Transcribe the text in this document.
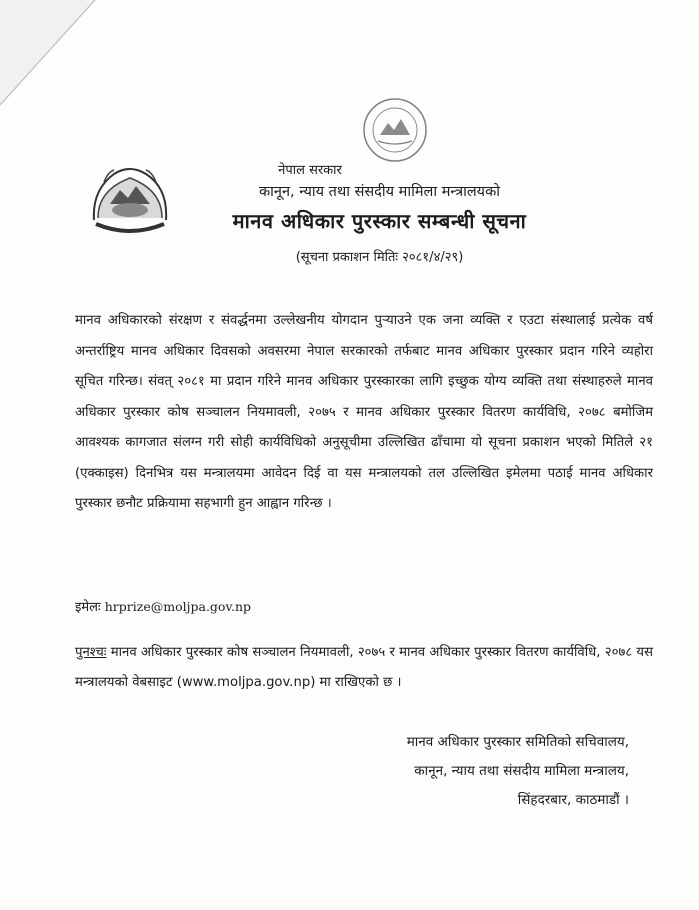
नेपाल सरकार
कानून, न्याय तथा संसदीय मामिला मन्त्रालयको
मानव अधिकार पुरस्कार सम्बन्धी सूचना
(सूचना प्रकाशन मितिः २०८१/४/२९)
मानव अधिकारको संरक्षण र संवर्द्धनमा उल्लेखनीय योगदान पुर्‍याउने एक जना व्यक्ति र एउटा संस्थालाई प्रत्येक वर्ष अन्तर्राष्ट्रिय मानव अधिकार दिवसको अवसरमा नेपाल सरकारको तर्फबाट मानव अधिकार पुरस्कार प्रदान गरिने व्यहोरा सूचित गरिन्छ। संवत् २०८१ मा प्रदान गरिने मानव अधिकार पुरस्कारका लागि इच्छुक योग्य व्यक्ति तथा संस्थाहरुले मानव अधिकार पुरस्कार कोष सञ्चालन नियमावली, २०७५ र मानव अधिकार पुरस्कार वितरण कार्यविधि, २०७८ बमोजिम आवश्यक कागजात संलग्न गरी सोही कार्यविधिको अनुसूचीमा उल्लिखित ढाँचामा यो सूचना प्रकाशन भएको मितिले २१ (एक्काइस) दिनभित्र यस मन्त्रालयमा आवेदन दिई वा यस मन्त्रालयको तल उल्लिखित इमेलमा पठाई मानव अधिकार पुरस्कार छनौट प्रक्रियामा सहभागी हुन आह्वान गरिन्छ ।
इमेलः hrprize@moljpa.gov.np
पुनश्चः मानव अधिकार पुरस्कार कोष सञ्चालन नियमावली, २०७५ र मानव अधिकार पुरस्कार वितरण कार्यविधि, २०७८ यस मन्त्रालयको वेबसाइट (www.moljpa.gov.np) मा राखिएको छ ।
मानव अधिकार पुरस्कार समितिको सचिवालय,
कानून, न्याय तथा संसदीय मामिला मन्त्रालय,
सिंहदरबार, काठमाडौं ।
